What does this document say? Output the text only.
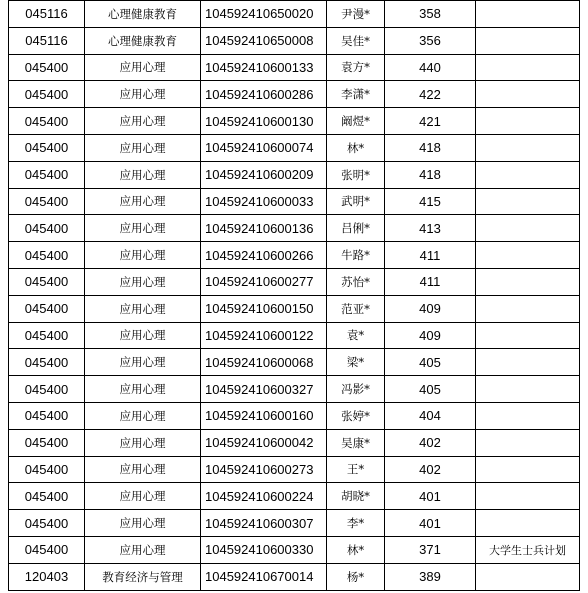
045116	心理健康教育	104592410650020	尹漫*	358	
045116	心理健康教育	104592410650008	吴佳*	356	
045400	应用心理	104592410600133	袁方*	440	
045400	应用心理	104592410600286	李潇*	422	
045400	应用心理	104592410600130	阚煜*	421	
045400	应用心理	104592410600074	林*	418	
045400	应用心理	104592410600209	张明*	418	
045400	应用心理	104592410600033	武明*	415	
045400	应用心理	104592410600136	吕俐*	413	
045400	应用心理	104592410600266	牛路*	411	
045400	应用心理	104592410600277	苏怡*	411	
045400	应用心理	104592410600150	范亚*	409	
045400	应用心理	104592410600122	袁*	409	
045400	应用心理	104592410600068	梁*	405	
045400	应用心理	104592410600327	冯影*	405	
045400	应用心理	104592410600160	张婷*	404	
045400	应用心理	104592410600042	吴康*	402	
045400	应用心理	104592410600273	王*	402	
045400	应用心理	104592410600224	胡晓*	401	
045400	应用心理	104592410600307	李*	401	
045400	应用心理	104592410600330	林*	371	大学生士兵计划
120403	教育经济与管理	104592410670014	杨*	389	
